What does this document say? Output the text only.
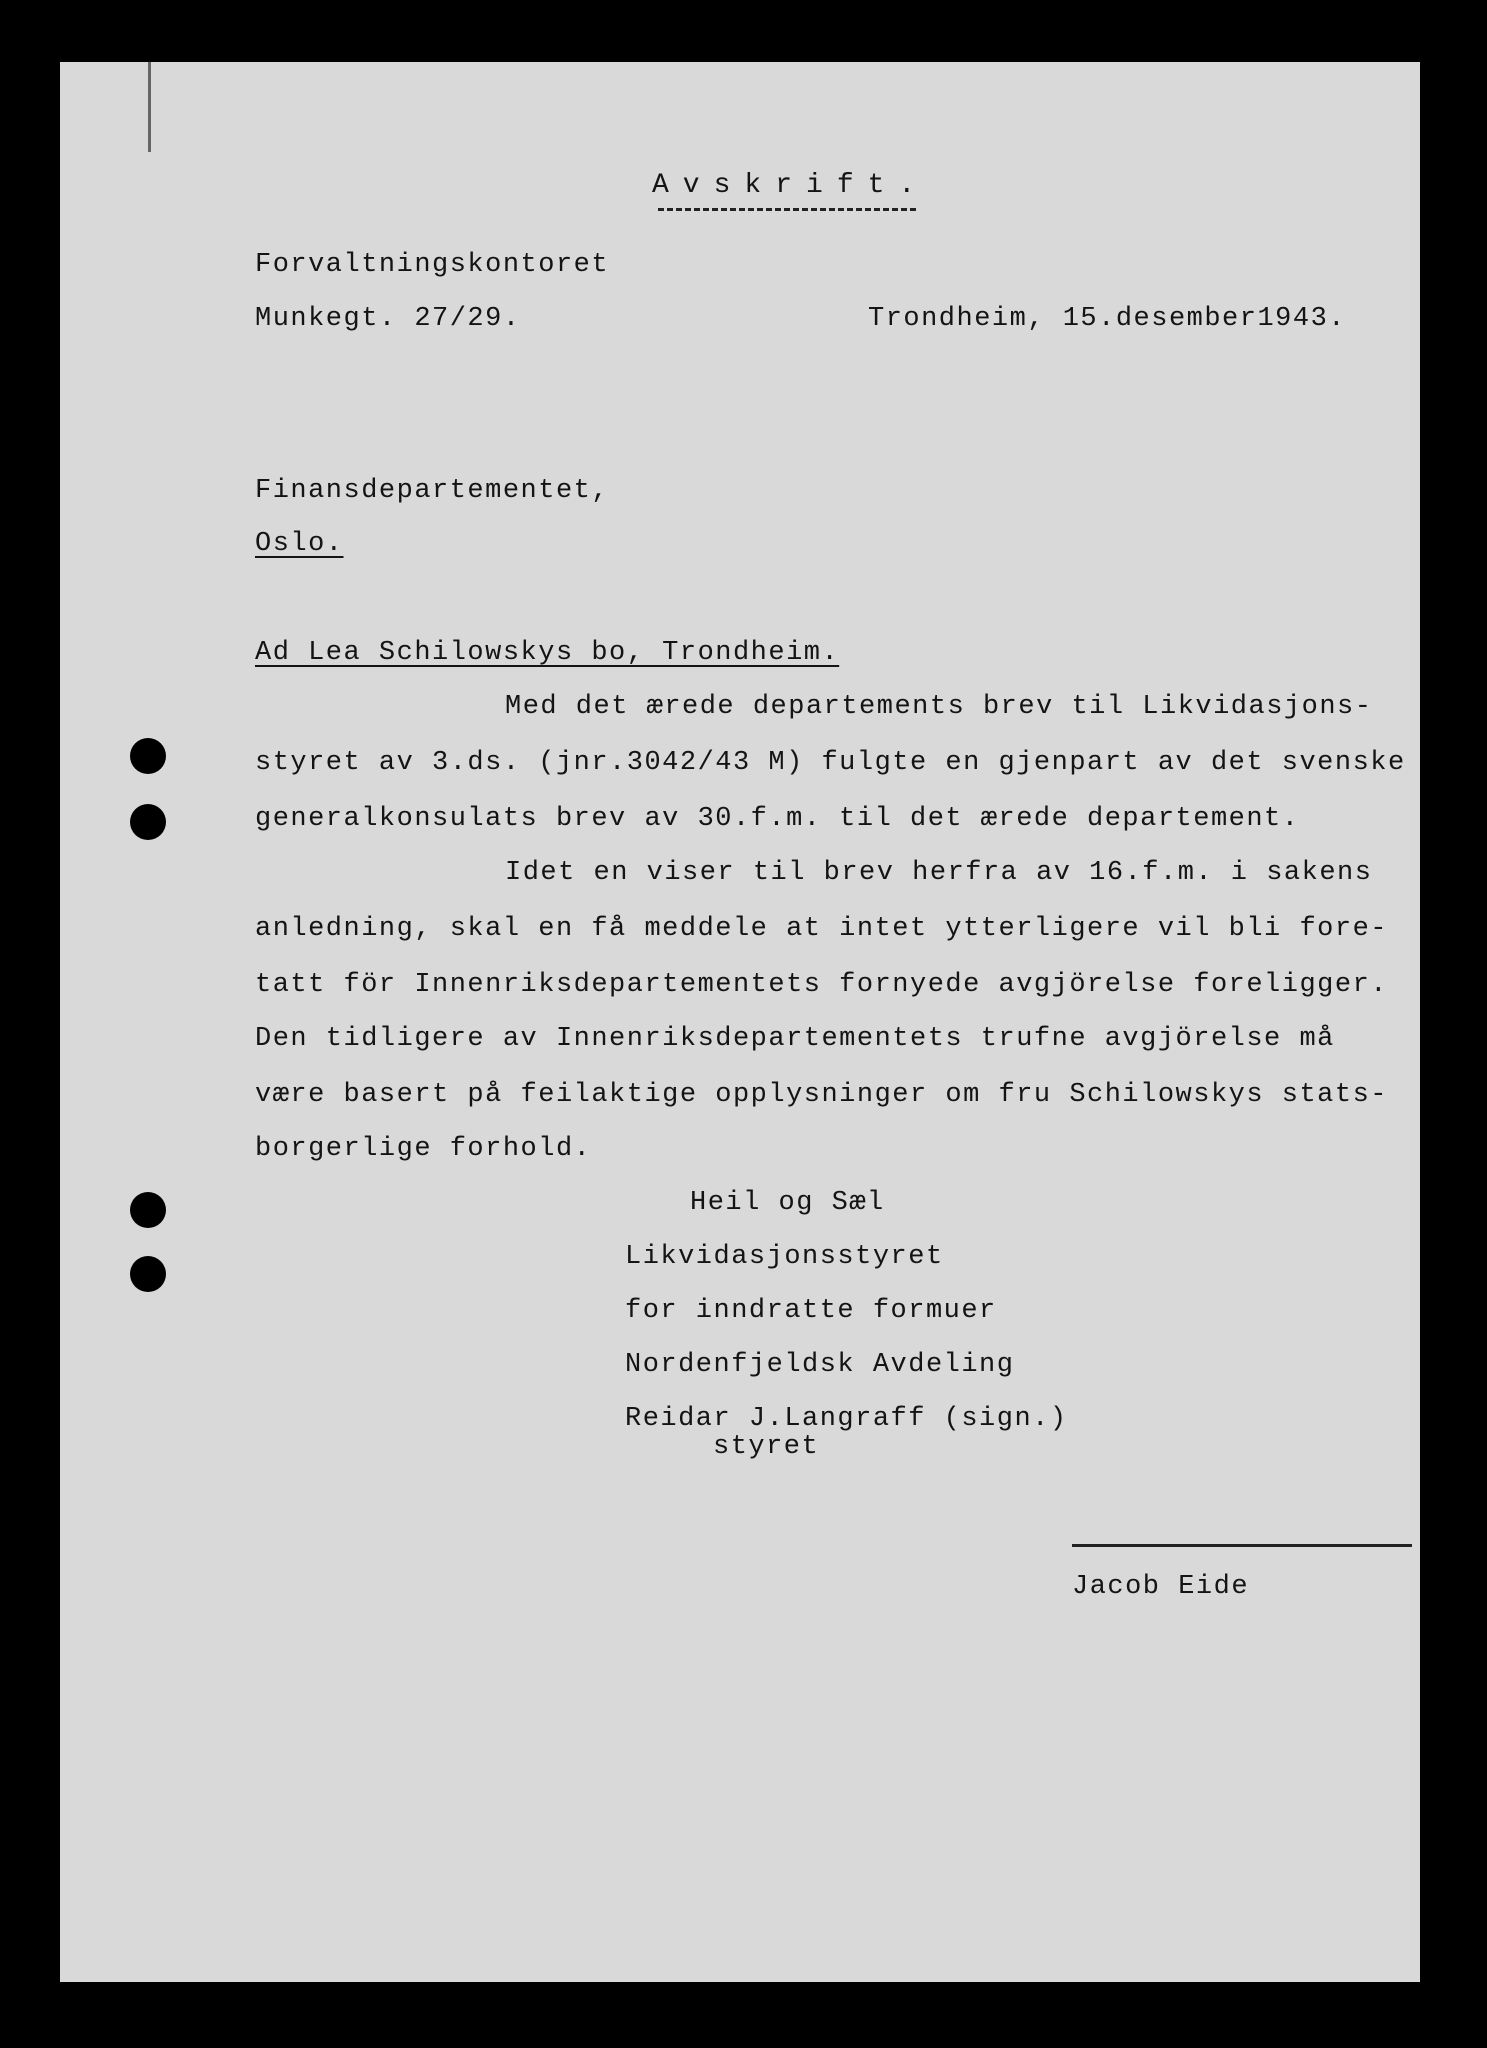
Avskrift.
Forvaltningskontoret
Munkegt. 27/29.	Trondheim, 15.desember1943.
Finansdepartementet,
Oslo.
Ad Lea Schilowskys bo, Trondheim.
Med det ærede departements brev til Likvidasjons-
styret av 3.ds. (jnr.3042/43 M) fulgte en gjenpart av det svenske
generalkonsulats brev av 30.f.m. til det ærede departement.
Idet en viser til brev herfra av 16.f.m. i sakens
anledning, skal en få meddele at intet ytterligere vil bli fore-
tatt för Innenriksdepartementets fornyede avgjörelse foreligger.
Den tidligere av Innenriksdepartementets trufne avgjörelse må
være basert på feilaktige opplysninger om fru Schilowskys stats-
borgerlige forhold.
Heil og Sæl
Likvidasjonsstyret
for inndratte formuer
Nordenfjeldsk Avdeling
Reidar J.Langraff (sign.)
styret
Jacob Eide
